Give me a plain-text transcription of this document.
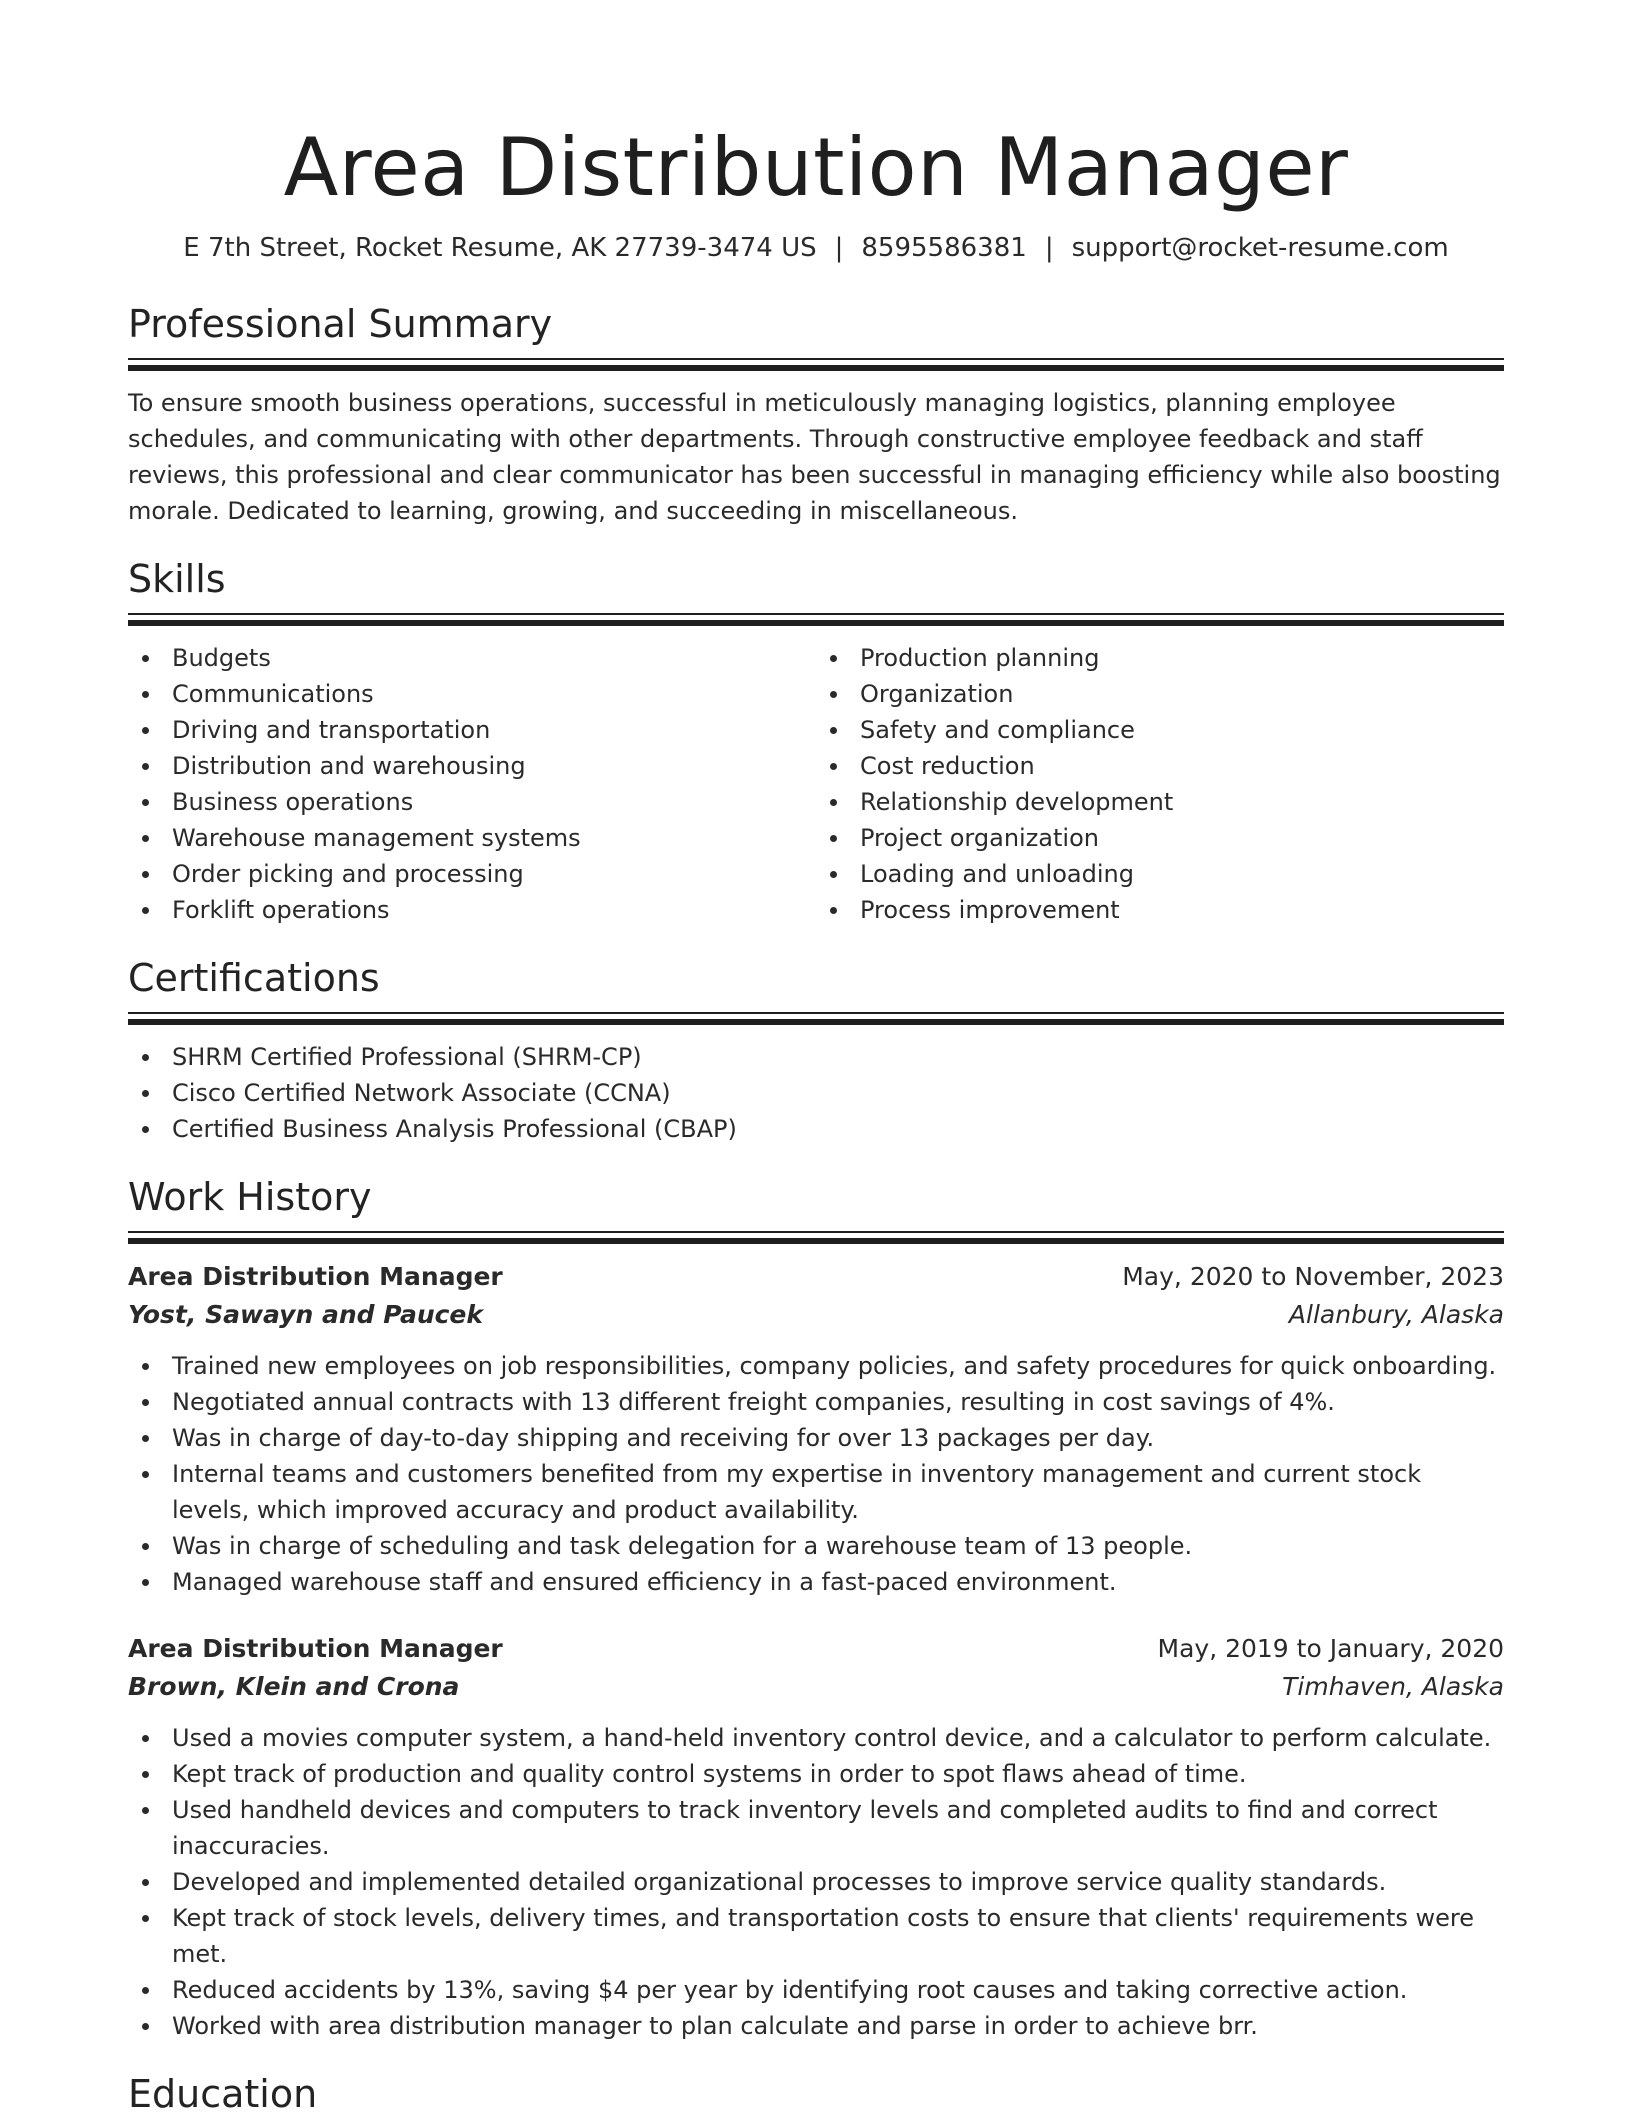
Area Distribution Manager
E 7th Street, Rocket Resume, AK 27739-3474 US | 8595586381 | support@rocket-resume.com
Professional Summary

To ensure smooth business operations, successful in meticulously managing logistics, planning employee schedules, and communicating with other departments. Through constructive employee feedback and staff reviews, this professional and clear communicator has been successful in managing efficiency while also boosting morale. Dedicated to learning, growing, and succeeding in miscellaneous.

Skills
Budgets
Communications
Driving and transportation
Distribution and warehousing
Business operations
Warehouse management systems
Order picking and processing
Forklift operations
Production planning
Organization
Safety and compliance
Cost reduction
Relationship development
Project organization
Loading and unloading
Process improvement
Certifications
SHRM Certified Professional (SHRM-CP)
Cisco Certified Network Associate (CCNA)
Certified Business Analysis Professional (CBAP)
Work History
Area Distribution Manager	May, 2020 to November, 2023
Yost, Sawayn and Paucek	Allanbury, Alaska
Trained new employees on job responsibilities, company policies, and safety procedures for quick onboarding.
Negotiated annual contracts with 13 different freight companies, resulting in cost savings of 4%.
Was in charge of day-to-day shipping and receiving for over 13 packages per day.
Internal teams and customers benefited from my expertise in inventory management and current stock levels, which improved accuracy and product availability.
Was in charge of scheduling and task delegation for a warehouse team of 13 people.
Managed warehouse staff and ensured efficiency in a fast-paced environment.
Area Distribution Manager	May, 2019 to January, 2020
Brown, Klein and Crona	Timhaven, Alaska
Used a movies computer system, a hand-held inventory control device, and a calculator to perform calculate.
Kept track of production and quality control systems in order to spot flaws ahead of time.
Used handheld devices and computers to track inventory levels and completed audits to find and correct inaccuracies.
Developed and implemented detailed organizational processes to improve service quality standards.
Kept track of stock levels, delivery times, and transportation costs to ensure that clients' requirements were met.
Reduced accidents by 13%, saving $4 per year by identifying root causes and taking corrective action.
Worked with area distribution manager to plan calculate and parse in order to achieve brr.
Education
